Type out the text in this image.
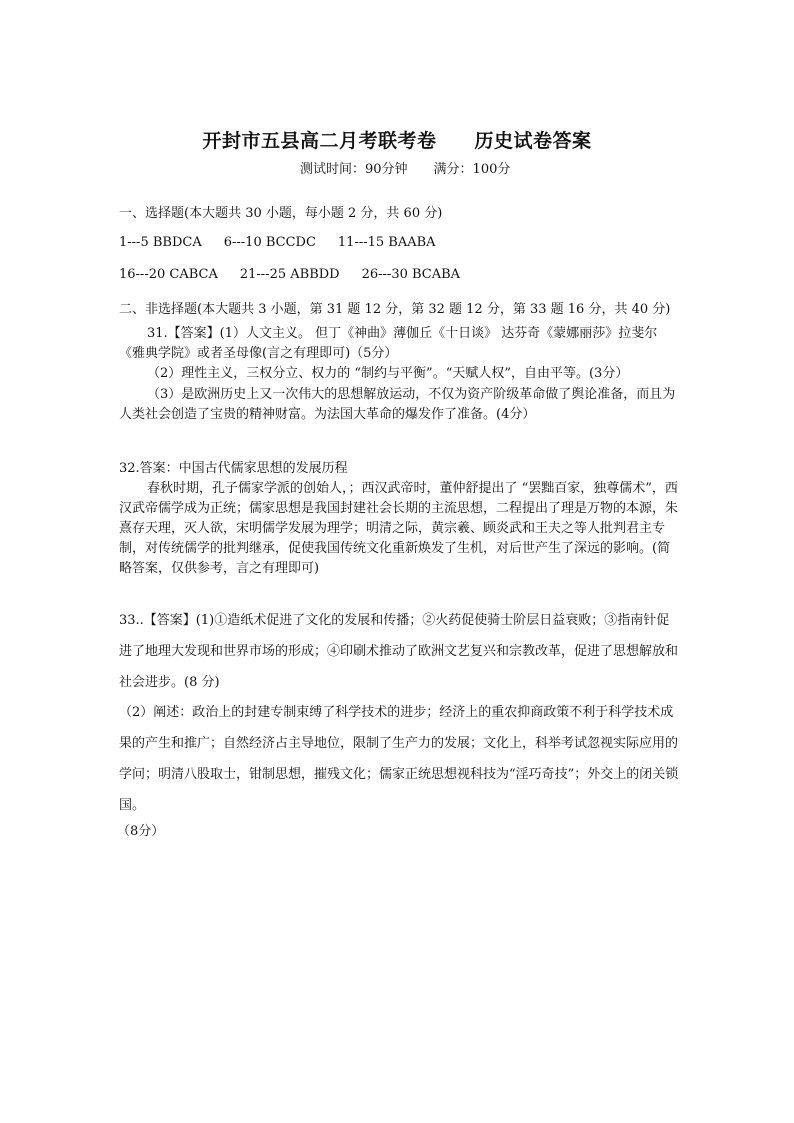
开封市五县高二月考联考卷 历史试卷答案
测试时间：90分钟 满分：100分
一、选择题(本大题共 30 小题，每小题 2 分，共 60 分)
1---5 BBDCA 6---10 BCCDC 11---15 BAABA
16---20 CABCA 21---25 ABBDD 26---30 BCABA
二、非选择题(本大题共 3 小题，第 31 题 12 分，第 32 题 12 分，第 33 题 16 分，共 40 分)
31.【答案】(1）人文主义。 但丁《神曲》薄伽丘《十日谈》 达芬奇《蒙娜丽莎》拉斐尔《雅典学院》或者圣母像(言之有理即可)（5分）
（2）理性主义，三权分立、权力的 “制约与平衡”。“天赋人权”，自由平等。(3分）
（3）是欧洲历史上又一次伟大的思想解放运动，不仅为资产阶级革命做了舆论准备，而且为人类社会创造了宝贵的精神财富。为法国大革命的爆发作了准备。(4分）
32.答案：中国古代儒家思想的发展历程
春秋时期，孔子儒家学派的创始人，；西汉武帝时，董仲舒提出了 “罢黜百家，独尊儒术”，西汉武帝儒学成为正统；儒家思想是我国封建社会长期的主流思想，二程提出了理是万物的本源，朱熹存天理，灭人欲，宋明儒学发展为理学；明清之际，黄宗羲、顾炎武和王夫之等人批判君主专制，对传统儒学的批判继承，促使我国传统文化重新焕发了生机，对后世产生了深远的影响。(简略答案，仅供参考，言之有理即可)
33..【答案】(1)①造纸术促进了文化的发展和传播；②火药促使骑士阶层日益衰败；③指南针促进了地理大发现和世界市场的形成；④印刷术推动了欧洲文艺复兴和宗教改革，促进了思想解放和社会进步。(8 分)
（2）阐述：政治上的封建专制束缚了科学技术的进步；经济上的重农抑商政策不利于科学技术成果的产生和推广；自然经济占主导地位，限制了生产力的发展；文化上，科举考试忽视实际应用的学问；明清八股取士，钳制思想，摧残文化；儒家正统思想视科技为“淫巧奇技”；外交上的闭关锁国。
（8分）
